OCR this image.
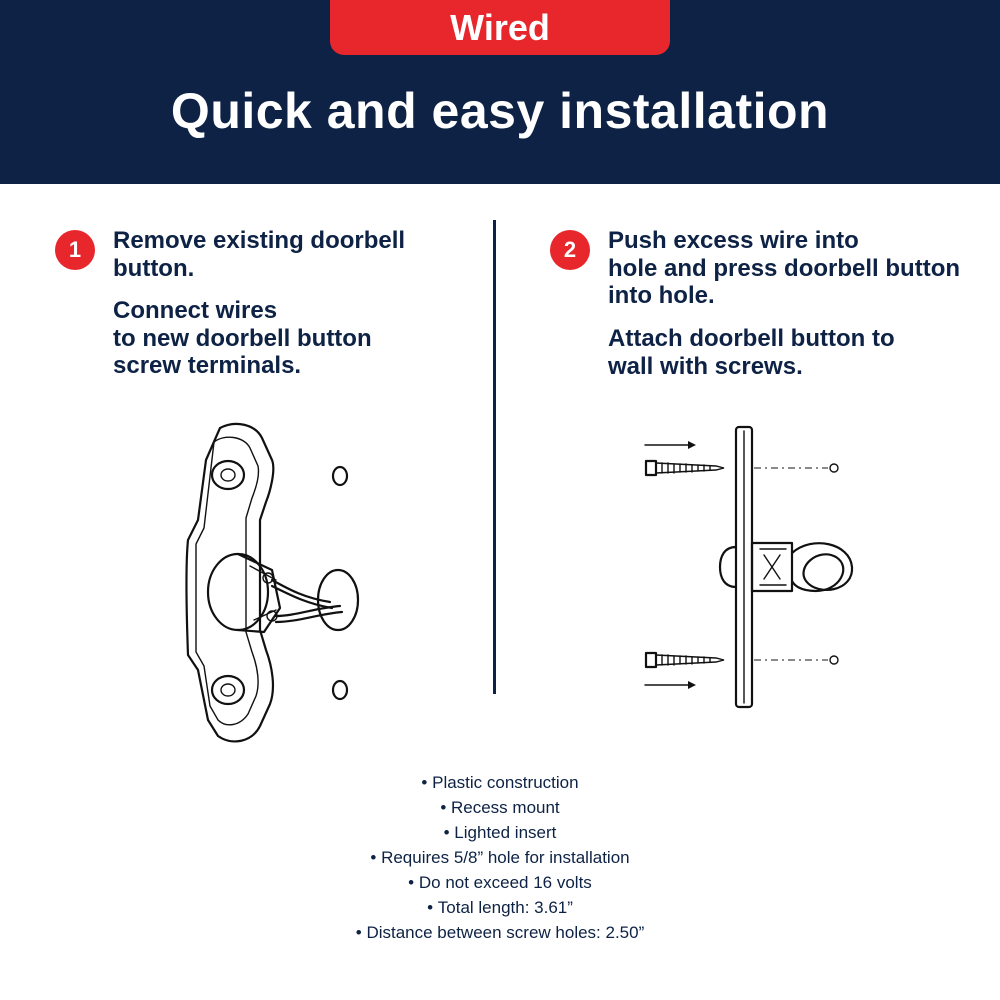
Wired
Quick and easy installation
1	Remove existing doorbell
button.
Connect wires
to new doorbell button
screw terminals.
2	Push excess wire into
hole and press doorbell button
into hole.
Attach doorbell button to
wall with screws.
• Plastic construction
• Recess mount
• Lighted insert
• Requires 5/8” hole for installation
• Do not exceed 16 volts
• Total length: 3.61”
• Distance between screw holes: 2.50”
